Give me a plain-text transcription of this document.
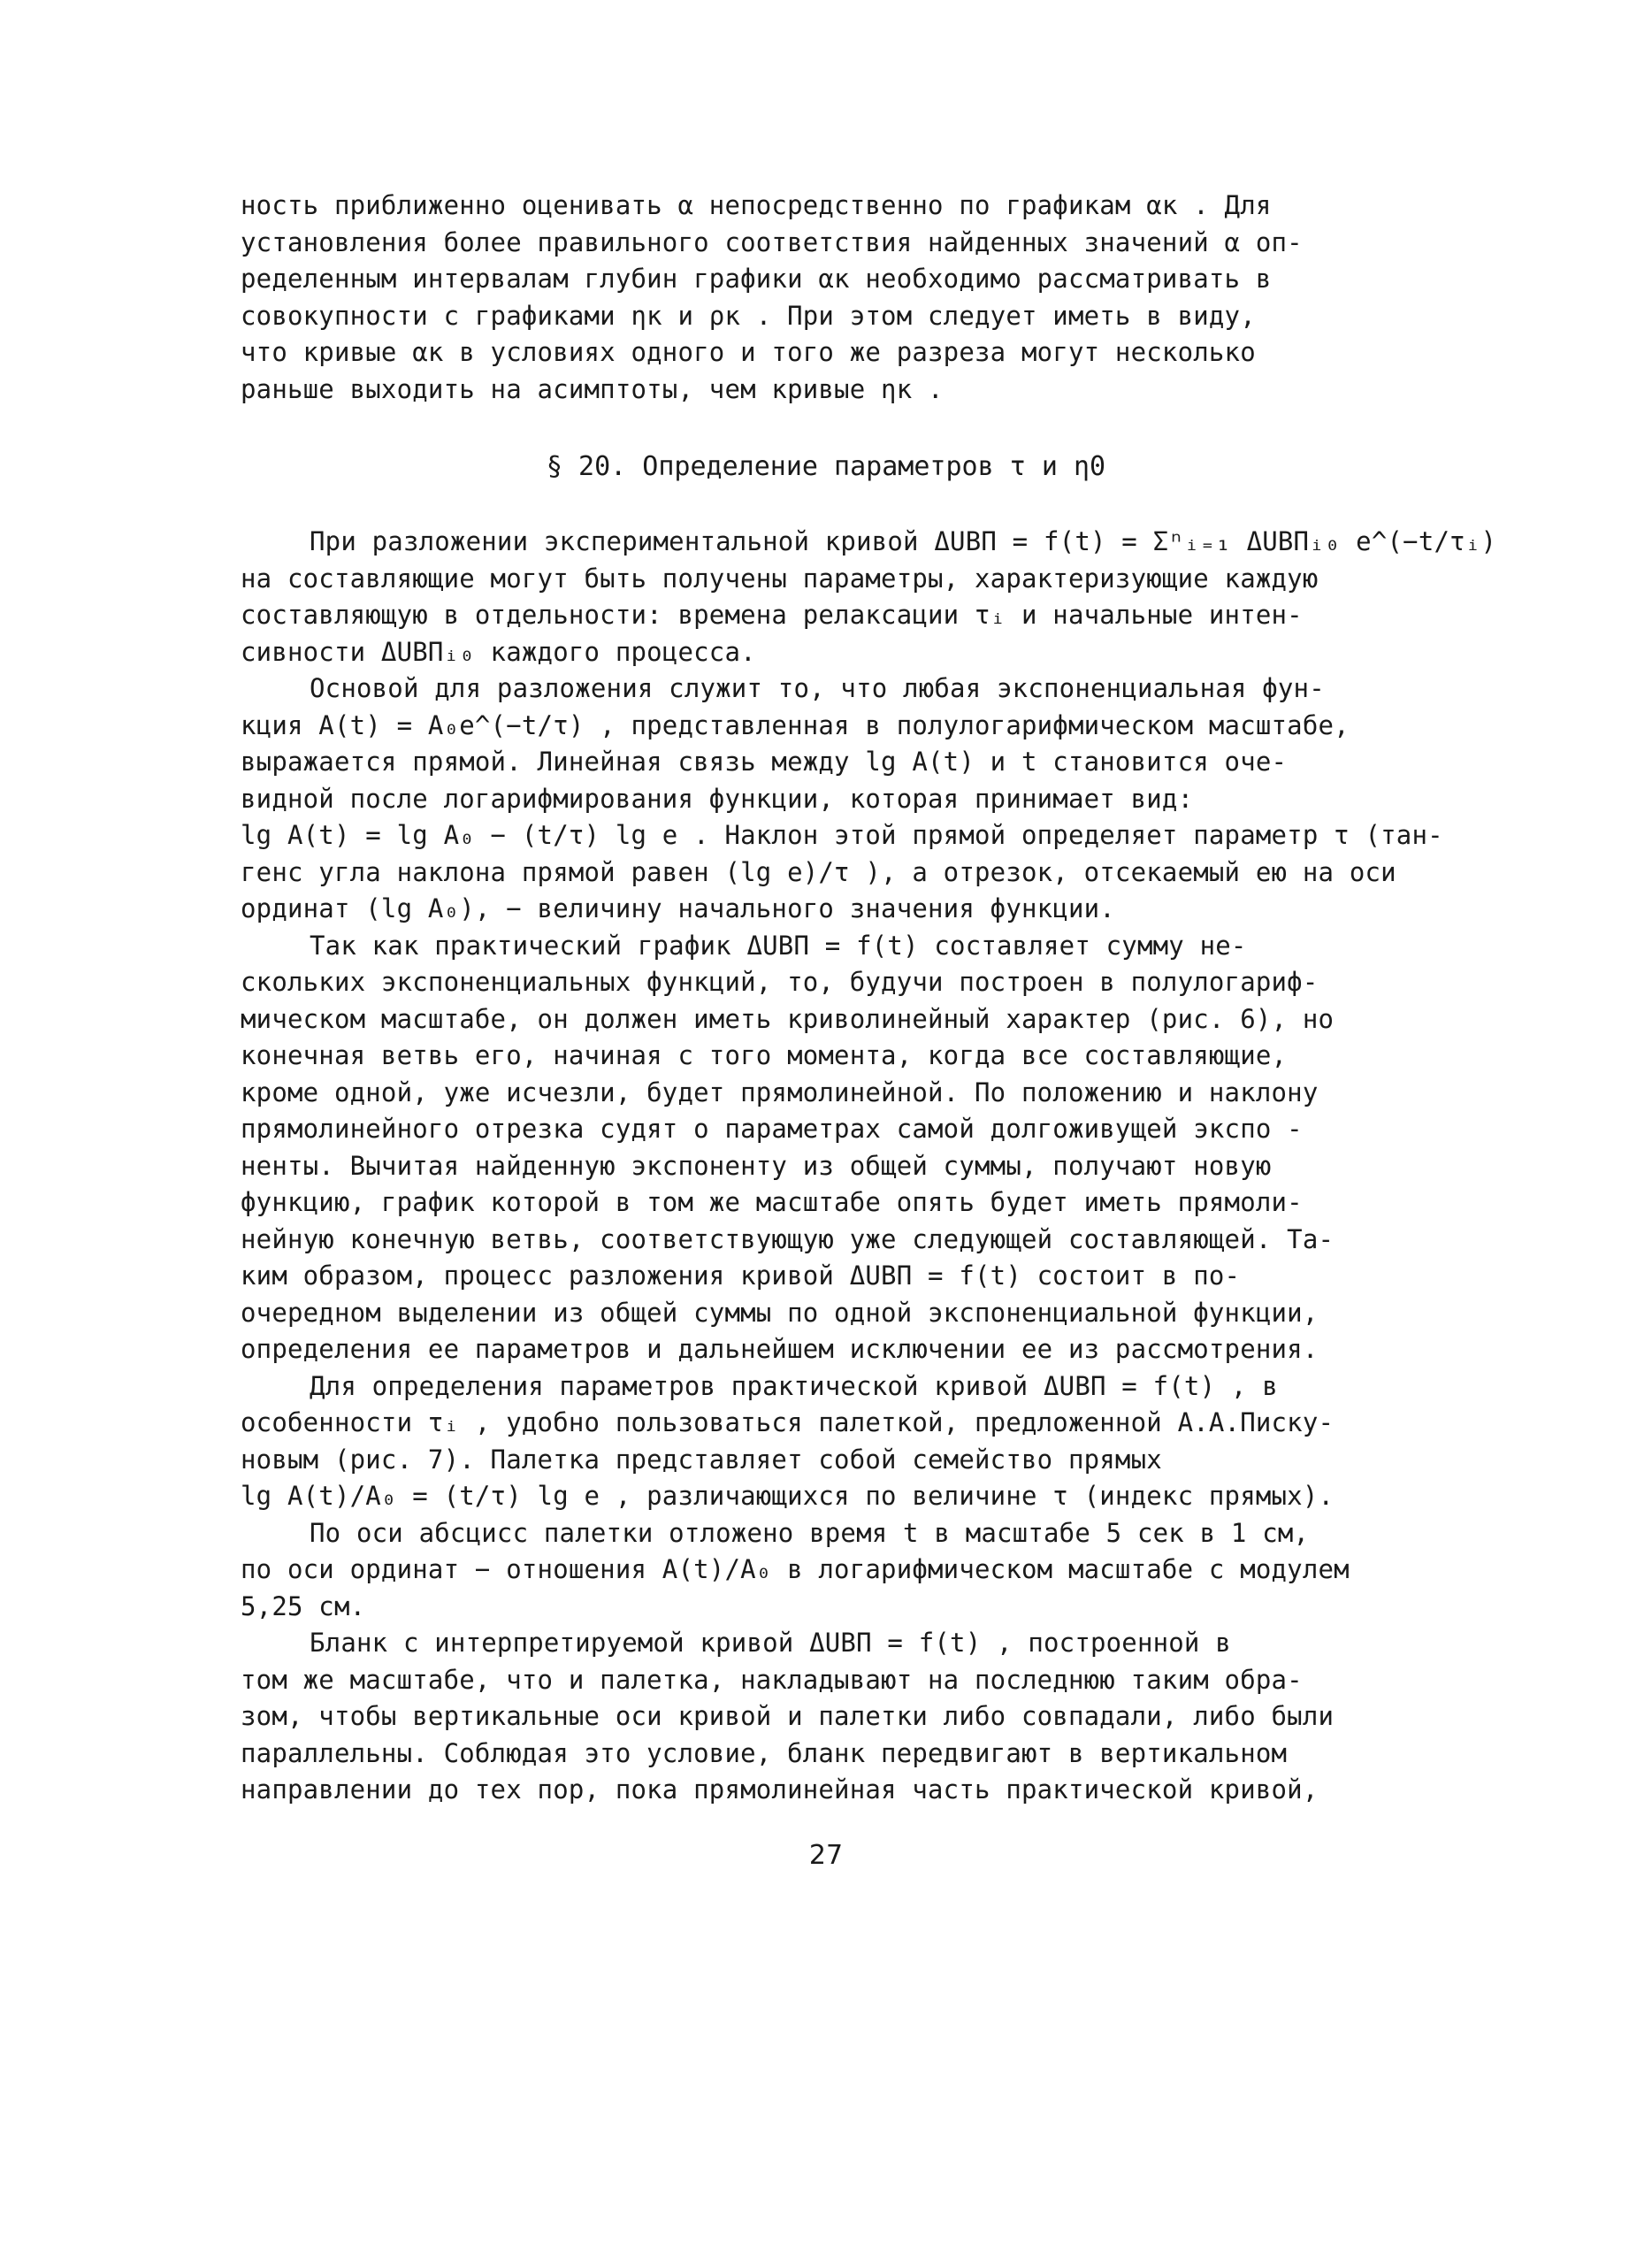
ность приближенно оценивать α непосредственно по графикам αк . Для
установления более правильного соответствия найденных значений α оп-
ределенным интервалам глубин графики αк необходимо рассматривать в
совокупности с графиками ηк и ρк . При этом следует иметь в виду,
что кривые αк в условиях одного и того же разреза могут несколько
раньше выходить на асимптоты, чем кривые ηк .
§ 20. Определение параметров τ и η0
При разложении экспериментальной кривой ΔUВП = f(t) = Σⁿᵢ₌₁ ΔUВПᵢ₀ e^(−t/τᵢ)
на составляющие могут быть получены параметры, характеризующие каждую
составляющую в отдельности: времена релаксации τᵢ и начальные интен-
сивности ΔUВПᵢ₀ каждого процесса.
Основой для разложения служит то, что любая экспоненциальная фун-
кция A(t) = A₀e^(−t/τ) , представленная в полулогарифмическом масштабе,
выражается прямой. Линейная связь между lg A(t) и t становится оче-
видной после логарифмирования функции, которая принимает вид:
lg A(t) = lg A₀ − (t/τ) lg e . Наклон этой прямой определяет параметр τ (тан-
генс угла наклона прямой равен (lg e)/τ ), а отрезок, отсекаемый ею на оси
ординат (lg A₀), − величину начального значения функции.
Так как практический график ΔUВП = f(t) составляет сумму не-
скольких экспоненциальных функций, то, будучи построен в полулогариф-
мическом масштабе, он должен иметь криволинейный характер (рис. 6), но
конечная ветвь его, начиная с того момента, когда все составляющие,
кроме одной, уже исчезли, будет прямолинейной. По положению и наклону
прямолинейного отрезка судят о параметрах самой долгоживущей экспо -
ненты. Вычитая найденную экспоненту из общей суммы, получают новую
функцию, график которой в том же масштабе опять будет иметь прямоли-
нейную конечную ветвь, соответствующую уже следующей составляющей. Та-
ким образом, процесс разложения кривой ΔUВП = f(t) состоит в по-
очередном выделении из общей суммы по одной экспоненциальной функции,
определения ее параметров и дальнейшем исключении ее из рассмотрения.
Для определения параметров практической кривой ΔUВП = f(t) , в
особенности τᵢ , удобно пользоваться палеткой, предложенной А.А.Писку-
новым (рис. 7). Палетка представляет собой семейство прямых
lg A(t)/A₀ = (t/τ) lg e , различающихся по величине τ (индекс прямых).
По оси абсцисс палетки отложено время t в масштабе 5 сек в 1 см,
по оси ординат − отношения A(t)/A₀ в логарифмическом масштабе с модулем
5,25 см.
Бланк с интерпретируемой кривой ΔUВП = f(t) , построенной в
том же масштабе, что и палетка, накладывают на последнюю таким обра-
зом, чтобы вертикальные оси кривой и палетки либо совпадали, либо были
параллельны. Соблюдая это условие, бланк передвигают в вертикальном
направлении до тех пор, пока прямолинейная часть практической кривой,
27
